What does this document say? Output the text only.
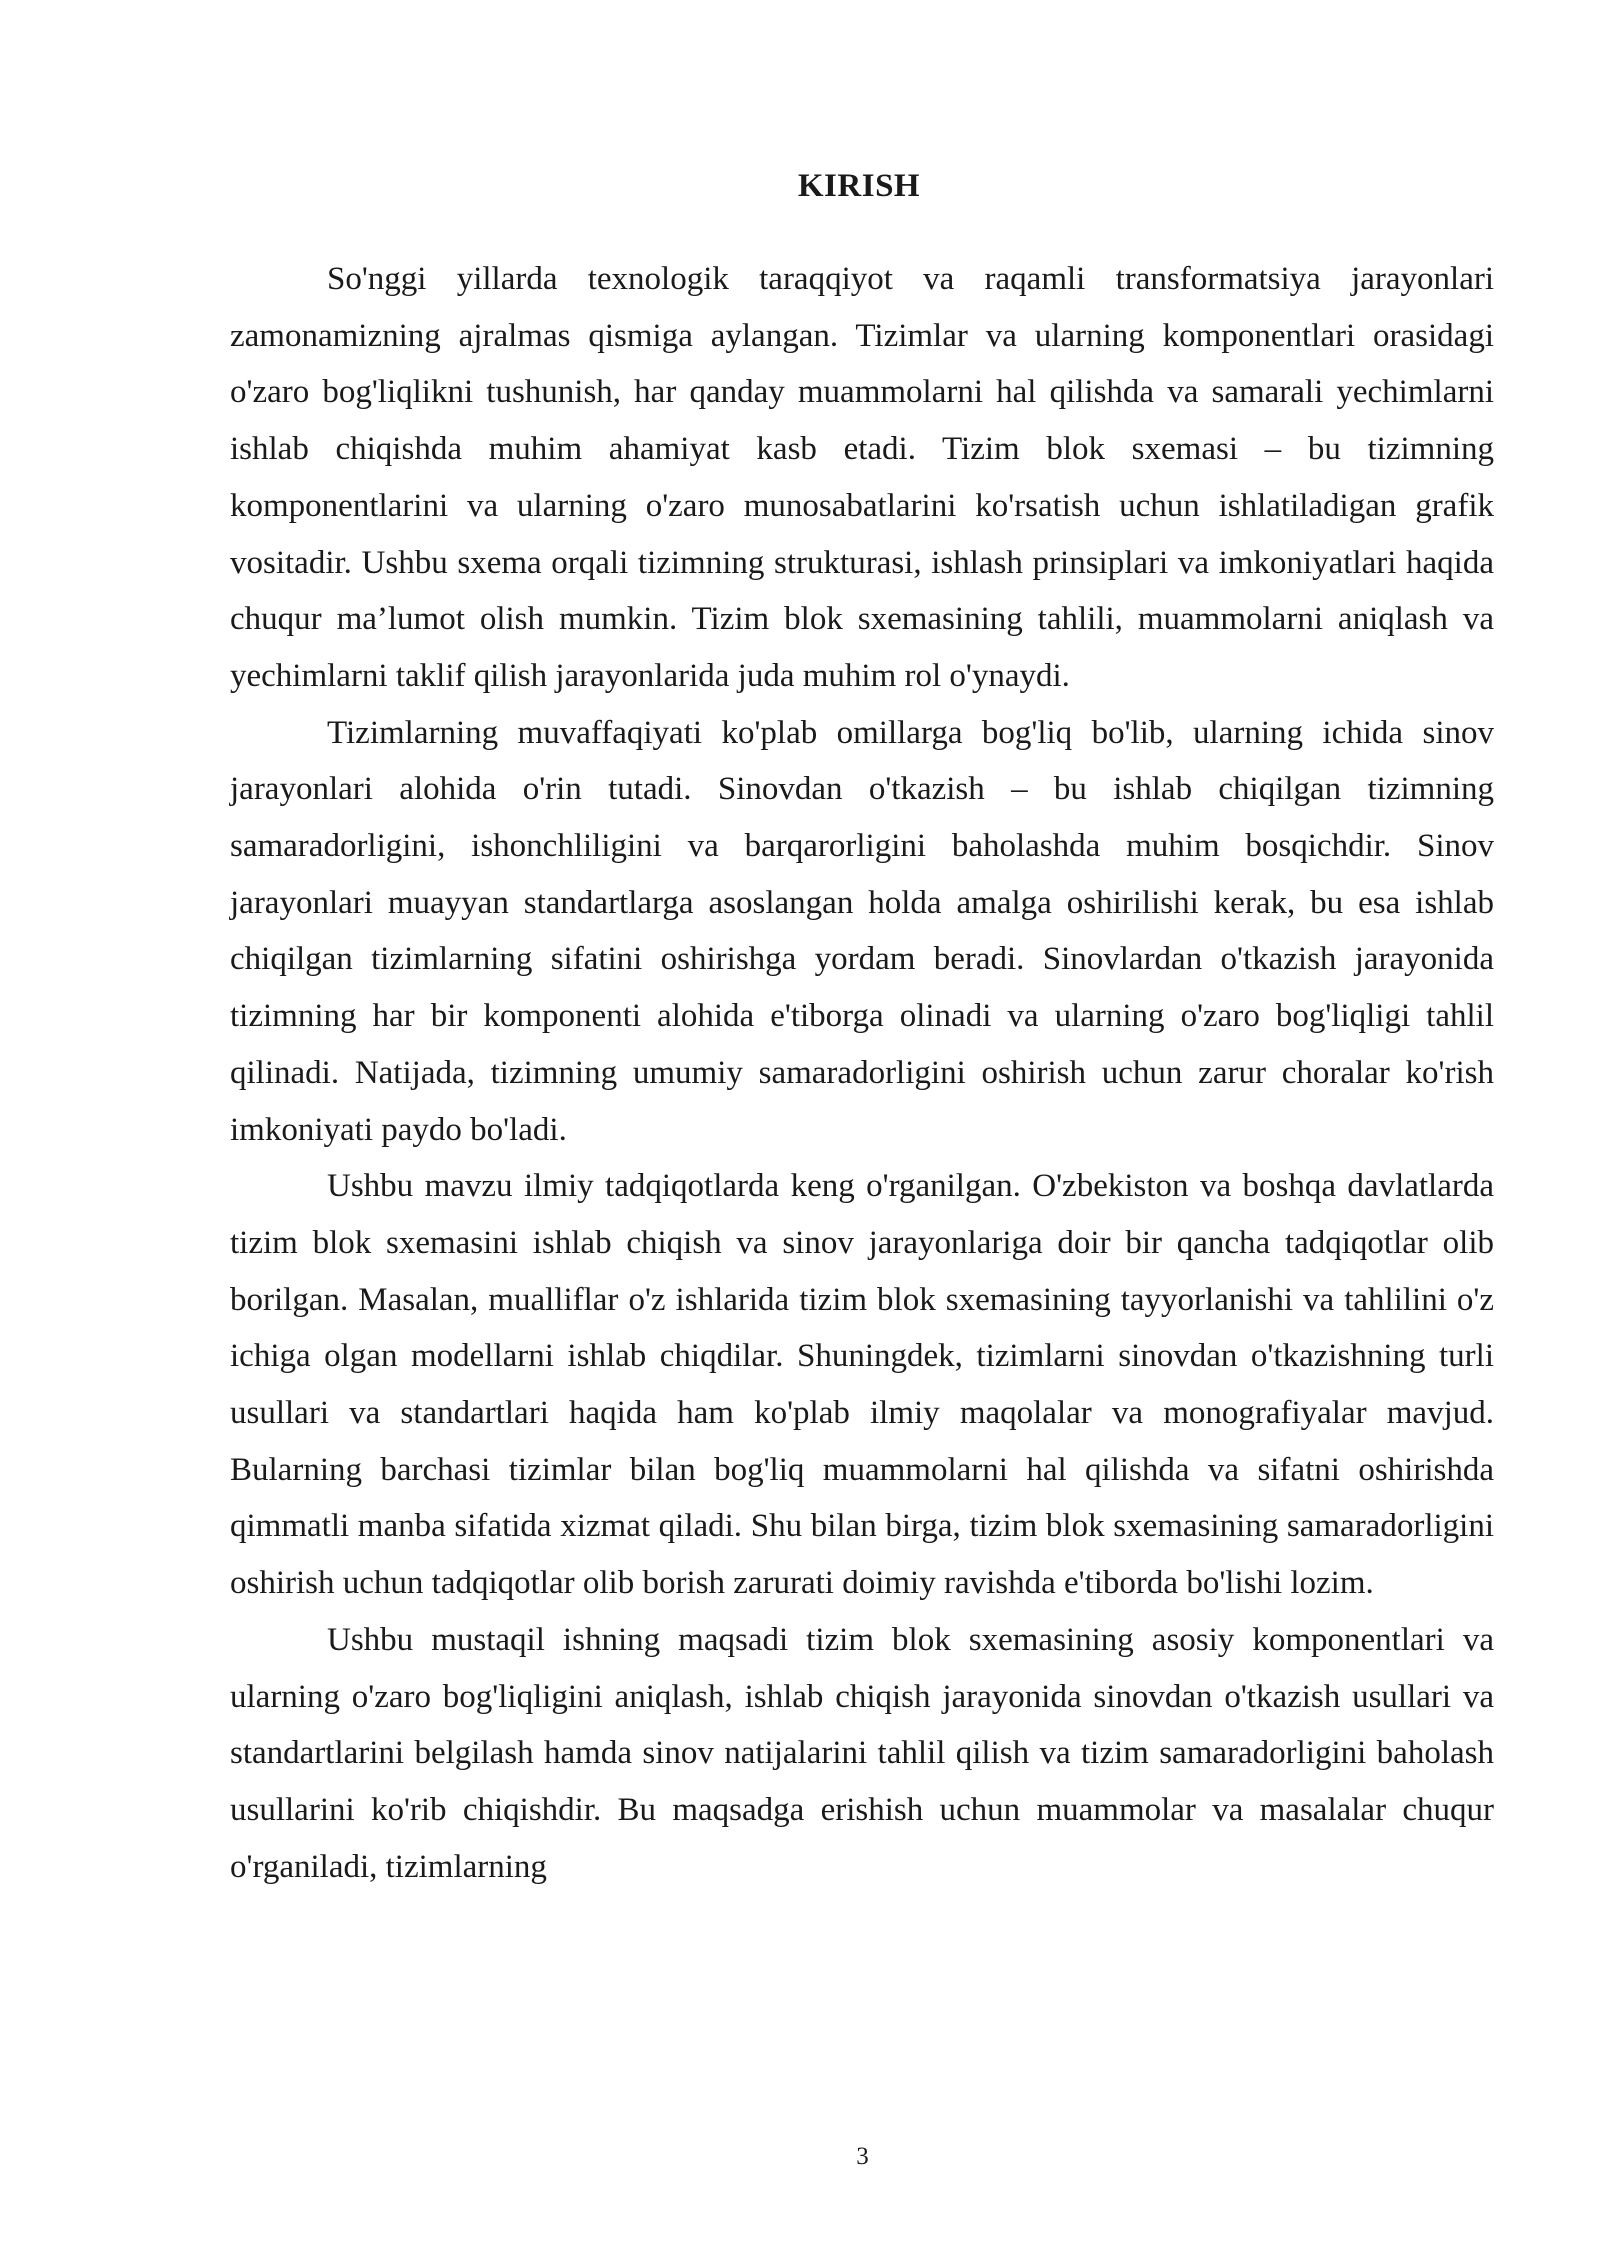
KIRISH

So'nggi yillarda texnologik taraqqiyot va raqamli transformatsiya jarayonlari zamonamizning ajralmas qismiga aylangan. Tizimlar va ularning komponentlari orasidagi o'zaro bog'liqlikni tushunish, har qanday muammolarni hal qilishda va samarali yechimlarni ishlab chiqishda muhim ahamiyat kasb etadi. Tizim blok sxemasi – bu tizimning komponentlarini va ularning o'zaro munosabatlarini ko'rsatish uchun ishlatiladigan grafik vositadir. Ushbu sxema orqali tizimning strukturasi, ishlash prinsiplari va imkoniyatlari haqida chuqur ma’lumot olish mumkin. Tizim blok sxemasining tahlili, muammolarni aniqlash va yechimlarni taklif qilish jarayonlarida juda muhim rol o'ynaydi.

Tizimlarning muvaffaqiyati ko'plab omillarga bog'liq bo'lib, ularning ichida sinov jarayonlari alohida o'rin tutadi. Sinovdan o'tkazish – bu ishlab chiqilgan tizimning samaradorligini, ishonchliligini va barqarorligini baholashda muhim bosqichdir. Sinov jarayonlari muayyan standartlarga asoslangan holda amalga oshirilishi kerak, bu esa ishlab chiqilgan tizimlarning sifatini oshirishga yordam beradi. Sinovlardan o'tkazish jarayonida tizimning har bir komponenti alohida e'tiborga olinadi va ularning o'zaro bog'liqligi tahlil qilinadi. Natijada, tizimning umumiy samaradorligini oshirish uchun zarur choralar ko'rish imkoniyati paydo bo'ladi.

Ushbu mavzu ilmiy tadqiqotlarda keng o'rganilgan. O'zbekiston va boshqa davlatlarda tizim blok sxemasini ishlab chiqish va sinov jarayonlariga doir bir qancha tadqiqotlar olib borilgan. Masalan, mualliflar o'z ishlarida tizim blok sxemasining tayyorlanishi va tahlilini o'z ichiga olgan modellarni ishlab chiqdilar. Shuningdek, tizimlarni sinovdan o'tkazishning turli usullari va standartlari haqida ham ko'plab ilmiy maqolalar va monografiyalar mavjud. Bularning barchasi tizimlar bilan bog'liq muammolarni hal qilishda va sifatni oshirishda qimmatli manba sifatida xizmat qiladi. Shu bilan birga, tizim blok sxemasining samaradorligini oshirish uchun tadqiqotlar olib borish zarurati doimiy ravishda e'tiborda bo'lishi lozim.

Ushbu mustaqil ishning maqsadi tizim blok sxemasining asosiy komponentlari va ularning o'zaro bog'liqligini aniqlash, ishlab chiqish jarayonida sinovdan o'tkazish usullari va standartlarini belgilash hamda sinov natijalarini tahlil qilish va tizim samaradorligini baholash usullarini ko'rib chiqishdir. Bu maqsadga erishish uchun muammolar va masalalar chuqur o'rganiladi, tizimlarning

3
